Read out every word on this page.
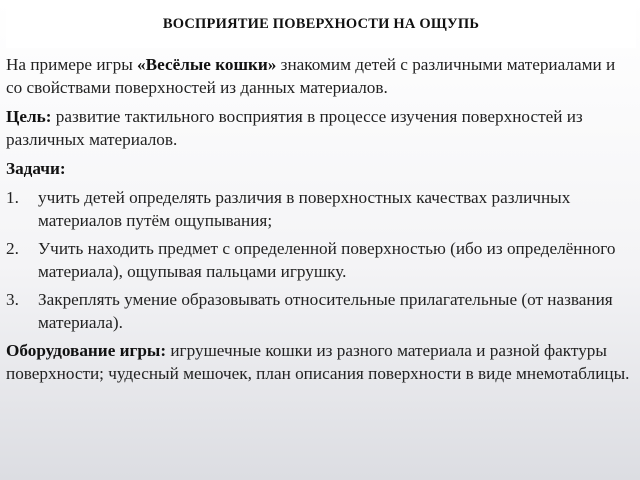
ВОСПРИЯТИЕ ПОВЕРХНОСТИ НА ОЩУПЬ

На примере игры «Весёлые кошки» знакомим детей с различными материалами и со свойствами поверхностей из данных материалов.

Цель: развитие тактильного восприятия в процессе изучения поверхностей из различных материалов.

Задачи:

1. учить детей определять различия в поверхностных качествах различных материалов путём ощупывания;
2. Учить находить предмет с определенной поверхностью (ибо из определённого материала), ощупывая пальцами игрушку.
3. Закреплять умение образовывать относительные прилагательные (от названия материала).

Оборудование игры: игрушечные кошки из разного материала и разной фактуры поверхности; чудесный мешочек, план описания поверхности в виде мнемотаблицы.
